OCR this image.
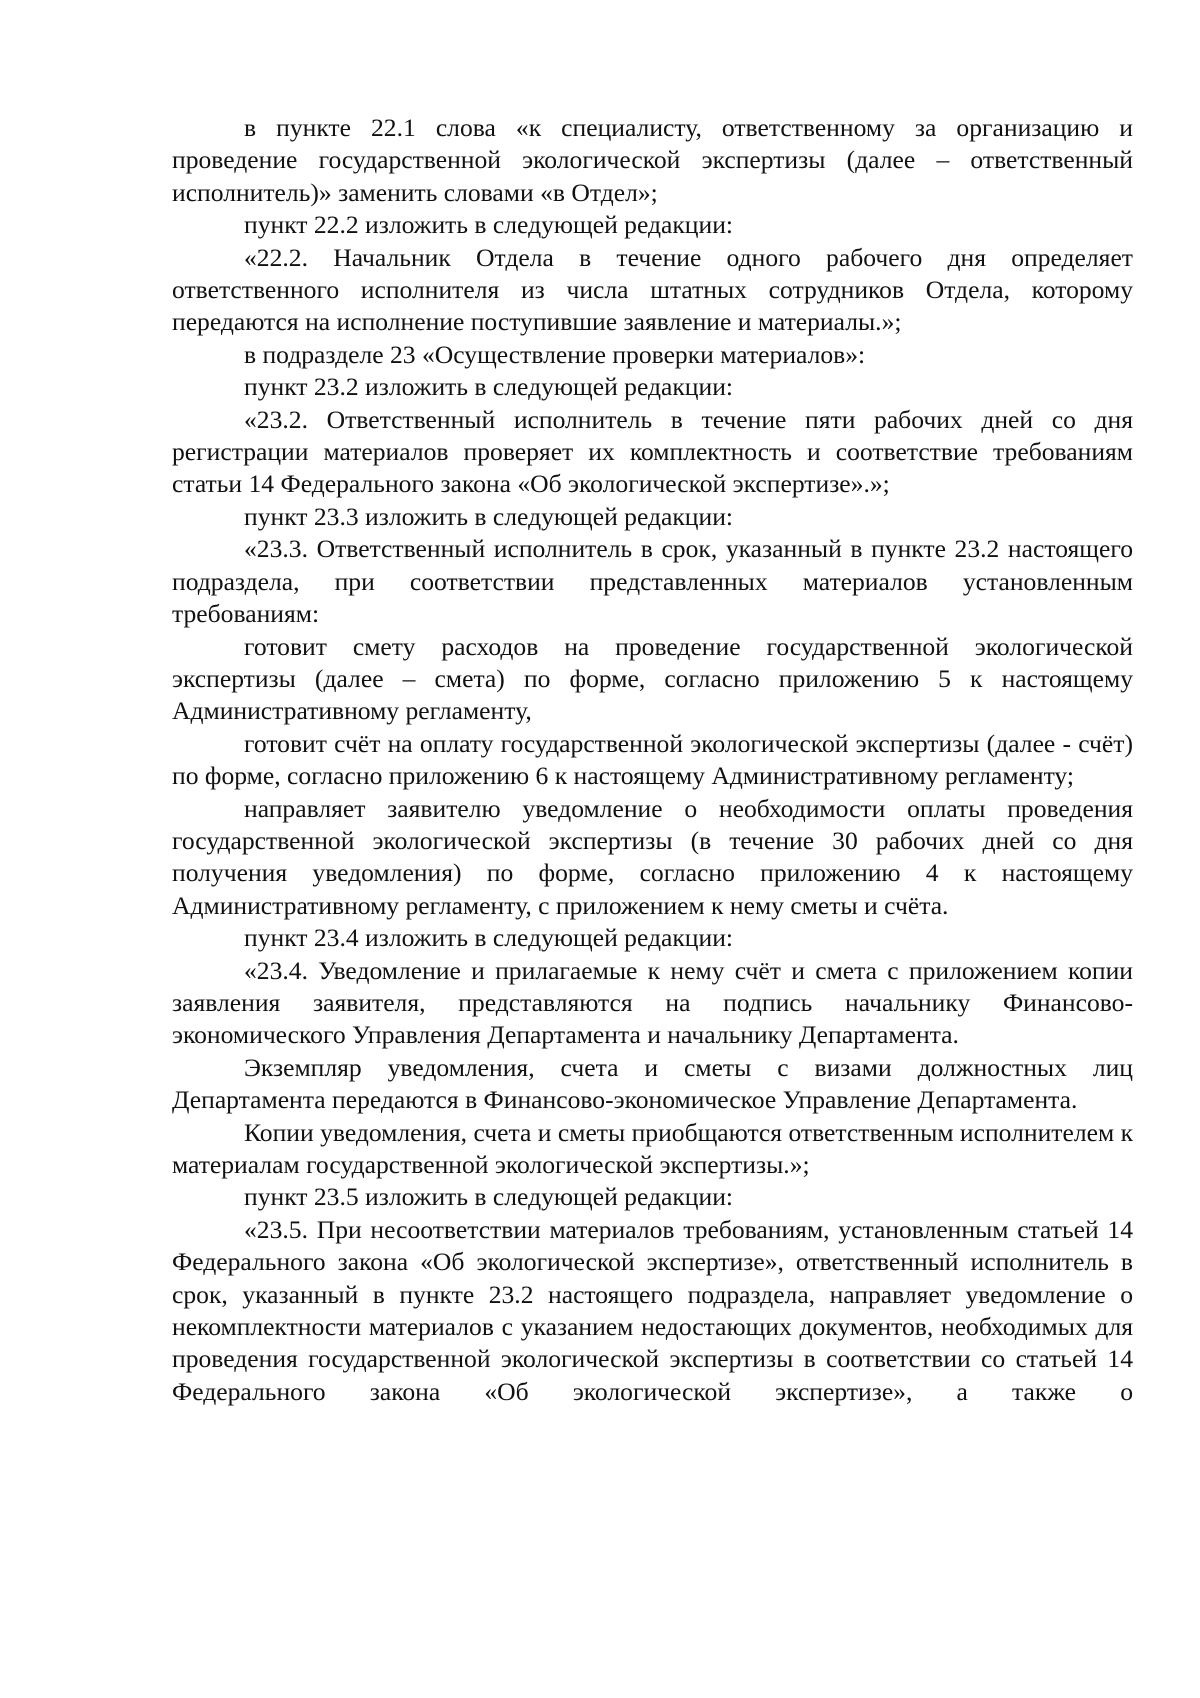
в пункте 22.1 слова «к специалисту, ответственному за организацию и проведение государственной экологической экспертизы (далее – ответственный исполнитель)» заменить словами «в Отдел»;

пункт 22.2 изложить в следующей редакции:

«22.2. Начальник Отдела в течение одного рабочего дня определяет ответственного исполнителя из числа штатных сотрудников Отдела, которому передаются на исполнение поступившие заявление и материалы.»;

в подразделе 23 «Осуществление проверки материалов»:

пункт 23.2 изложить в следующей редакции:

«23.2. Ответственный исполнитель в течение пяти рабочих дней со дня регистрации материалов проверяет их комплектность и соответствие требованиям статьи 14 Федерального закона «Об экологической экспертизе».»;

пункт 23.3 изложить в следующей редакции:

«23.3. Ответственный исполнитель в срок, указанный в пункте 23.2 настоящего подраздела, при соответствии представленных материалов установленным требованиям:

готовит смету расходов на проведение государственной экологической экспертизы (далее – смета) по форме, согласно приложению 5 к настоящему Административному регламенту,

готовит счёт на оплату государственной экологической экспертизы (далее - счёт) по форме, согласно приложению 6 к настоящему Административному регламенту;

направляет заявителю уведомление о необходимости оплаты проведения государственной экологической экспертизы (в течение 30 рабочих дней со дня получения уведомления) по форме, согласно приложению 4 к настоящему Административному регламенту, с приложением к нему сметы и счёта.

пункт 23.4 изложить в следующей редакции:

«23.4. Уведомление и прилагаемые к нему счёт и смета с приложением копии заявления заявителя, представляются на подпись начальнику Финансово-экономического Управления Департамента и начальнику Департамента.

Экземпляр уведомления, счета и сметы с визами должностных лиц Департамента передаются в Финансово-экономическое Управление Департамента.

Копии уведомления, счета и сметы приобщаются ответственным исполнителем к материалам государственной экологической экспертизы.»;

пункт 23.5 изложить в следующей редакции:

«23.5. При несоответствии материалов требованиям, установленным статьей 14 Федерального закона «Об экологической экспертизе», ответственный исполнитель в срок, указанный в пункте 23.2 настоящего подраздела, направляет уведомление о некомплектности материалов с указанием недостающих документов, необходимых для проведения государственной экологической экспертизы в соответствии со статьей 14 Федерального закона «Об экологической экспертизе», а также о
